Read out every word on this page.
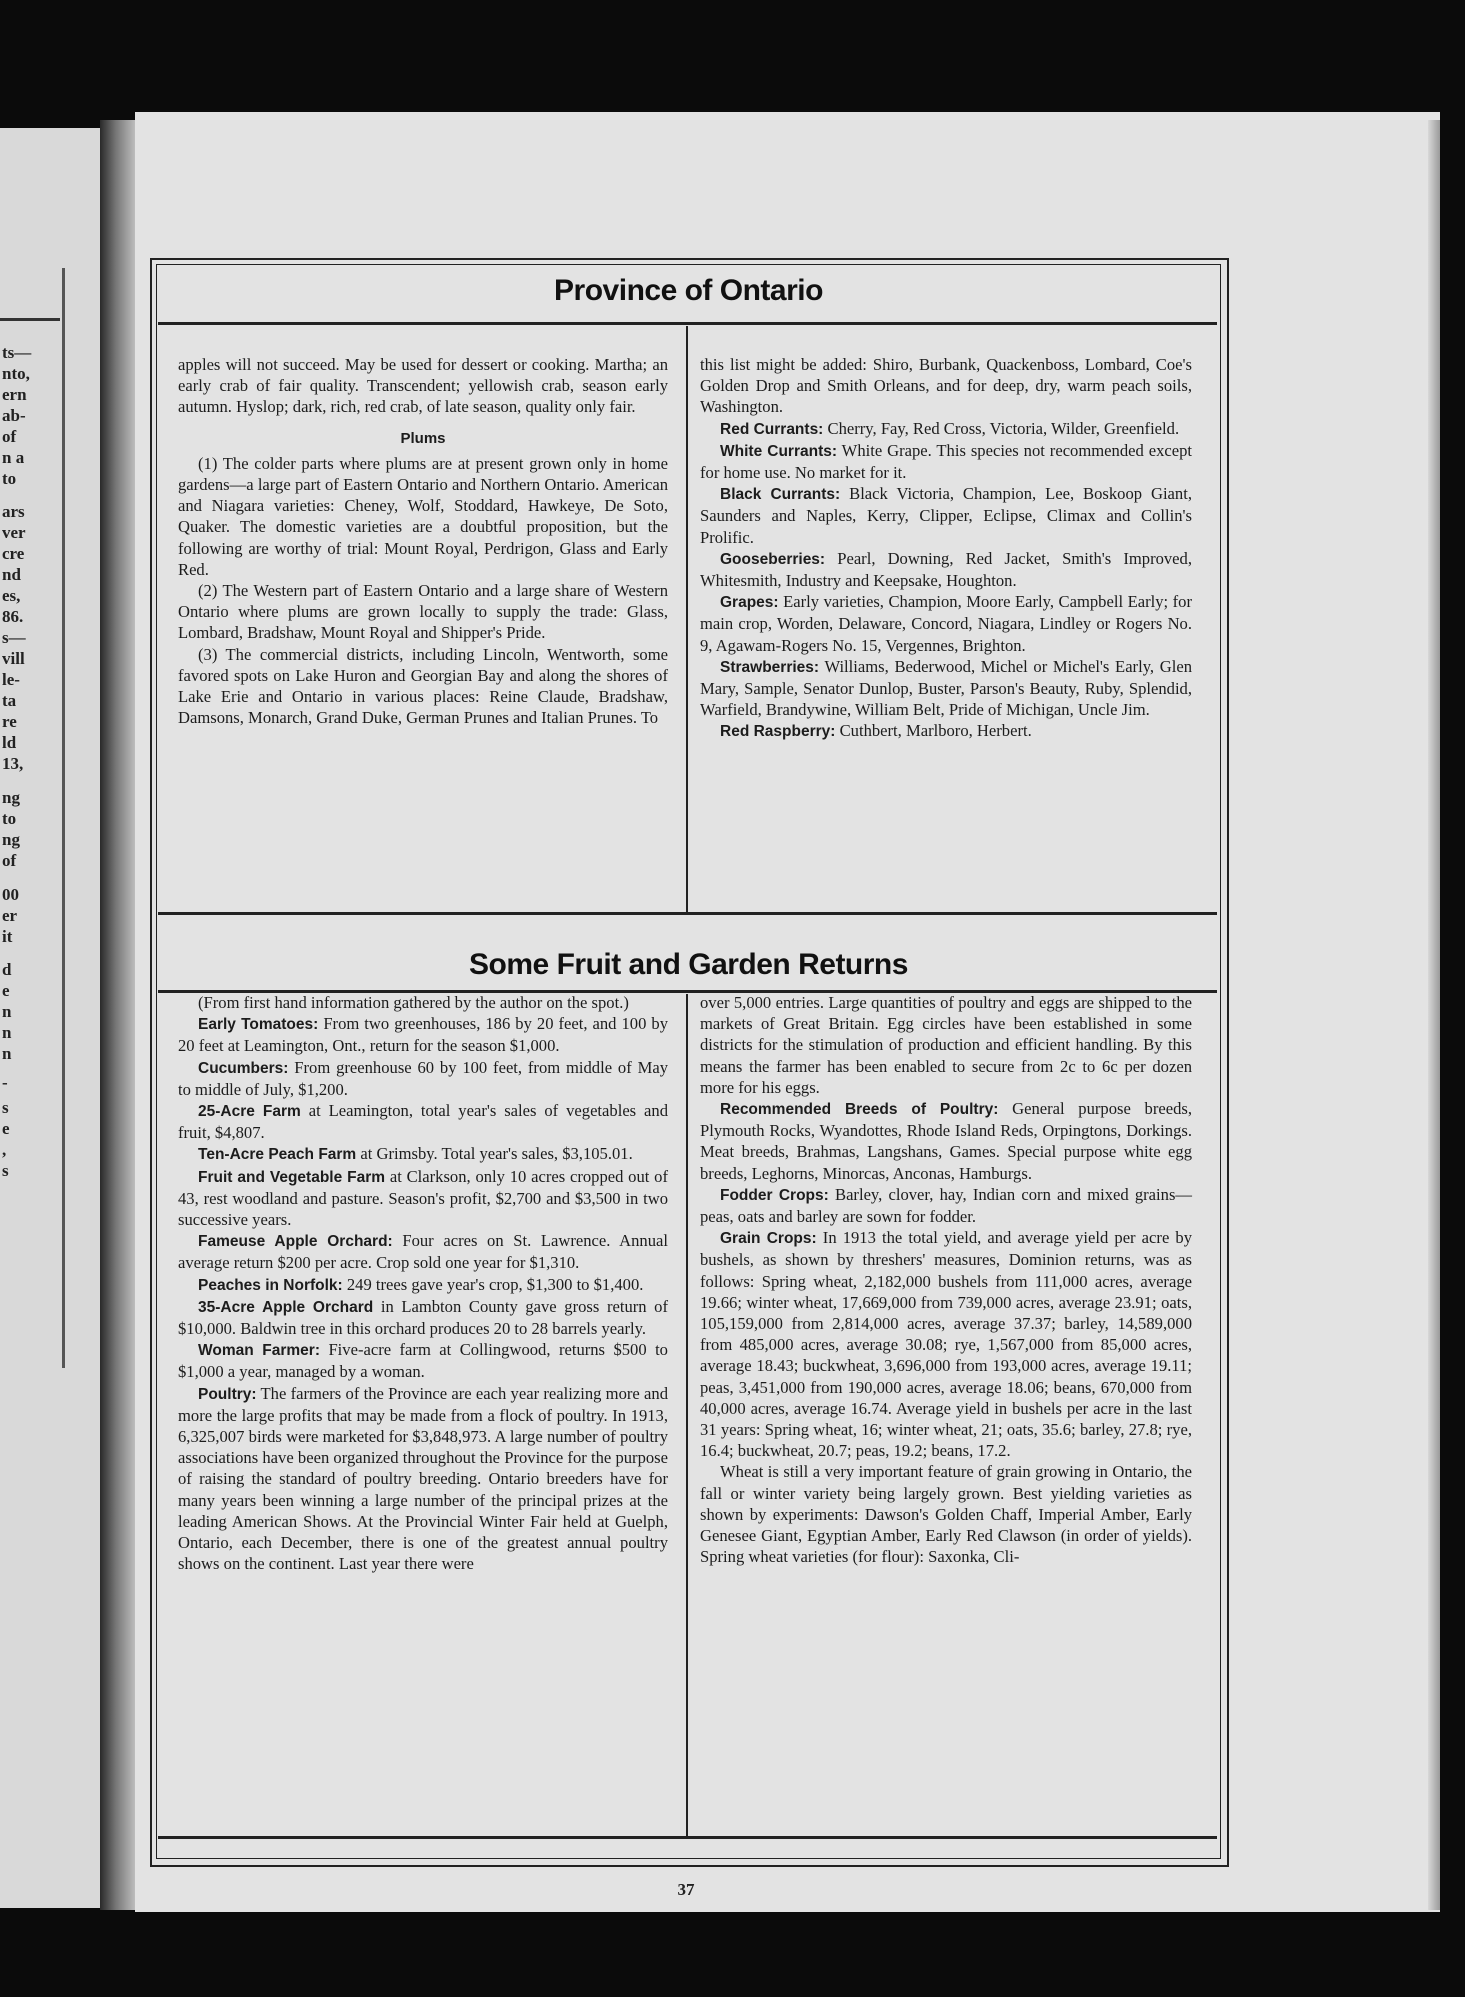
ts—
nto,
ern
ab-
of
n a
to
ars
ver
cre
nd
es,
86.
s—
vill
le-
ta
re
ld
13,
ng
to
ng
of
00
er
it
d
e
n
n
n
-
s
e
,
s
Province of Ontario

apples will not succeed. May be used for dessert or cooking. Martha; an early crab of fair quality. Transcendent; yellowish crab, season early autumn. Hyslop; dark, rich, red crab, of late season, quality only fair.

Plums

(1) The colder parts where plums are at present grown only in home gardens—a large part of Eastern Ontario and Northern Ontario. American and Niagara varieties: Cheney, Wolf, Stoddard, Hawkeye, De Soto, Quaker. The domestic varieties are a doubtful proposition, but the following are worthy of trial: Mount Royal, Perdrigon, Glass and Early Red.

(2) The Western part of Eastern Ontario and a large share of Western Ontario where plums are grown locally to supply the trade: Glass, Lombard, Bradshaw, Mount Royal and Shipper's Pride.

(3) The commercial districts, including Lincoln, Wentworth, some favored spots on Lake Huron and Georgian Bay and along the shores of Lake Erie and Ontario in various places: Reine Claude, Bradshaw, Damsons, Monarch, Grand Duke, German Prunes and Italian Prunes. To

this list might be added: Shiro, Burbank, Quackenboss, Lombard, Coe's Golden Drop and Smith Orleans, and for deep, dry, warm peach soils, Washington.

Red Currants: Cherry, Fay, Red Cross, Victoria, Wilder, Greenfield.

White Currants: White Grape. This species not recommended except for home use. No market for it.

Black Currants: Black Victoria, Champion, Lee, Boskoop Giant, Saunders and Naples, Kerry, Clipper, Eclipse, Climax and Collin's Prolific.

Gooseberries: Pearl, Downing, Red Jacket, Smith's Improved, Whitesmith, Industry and Keepsake, Houghton.

Grapes: Early varieties, Champion, Moore Early, Campbell Early; for main crop, Worden, Delaware, Concord, Niagara, Lindley or Rogers No. 9, Agawam-Rogers No. 15, Vergennes, Brighton.

Strawberries: Williams, Bederwood, Michel or Michel's Early, Glen Mary, Sample, Senator Dunlop, Buster, Parson's Beauty, Ruby, Splendid, Warfield, Brandywine, William Belt, Pride of Michigan, Uncle Jim.

Red Raspberry: Cuthbert, Marlboro, Herbert.

Some Fruit and Garden Returns

(From first hand information gathered by the author on the spot.)

Early Tomatoes: From two greenhouses, 186 by 20 feet, and 100 by 20 feet at Leamington, Ont., return for the season $1,000.

Cucumbers: From greenhouse 60 by 100 feet, from middle of May to middle of July, $1,200.

25-Acre Farm at Leamington, total year's sales of vegetables and fruit, $4,807.

Ten-Acre Peach Farm at Grimsby. Total year's sales, $3,105.01.

Fruit and Vegetable Farm at Clarkson, only 10 acres cropped out of 43, rest woodland and pasture. Season's profit, $2,700 and $3,500 in two successive years.

Fameuse Apple Orchard: Four acres on St. Lawrence. Annual average return $200 per acre. Crop sold one year for $1,310.

Peaches in Norfolk: 249 trees gave year's crop, $1,300 to $1,400.

35-Acre Apple Orchard in Lambton County gave gross return of $10,000. Baldwin tree in this orchard produces 20 to 28 barrels yearly.

Woman Farmer: Five-acre farm at Collingwood, returns $500 to $1,000 a year, managed by a woman.

Poultry: The farmers of the Province are each year realizing more and more the large profits that may be made from a flock of poultry. In 1913, 6,325,007 birds were marketed for $3,848,973. A large number of poultry associations have been organized throughout the Province for the purpose of raising the standard of poultry breeding. Ontario breeders have for many years been winning a large number of the principal prizes at the leading American Shows. At the Provincial Winter Fair held at Guelph, Ontario, each December, there is one of the greatest annual poultry shows on the continent. Last year there were

over 5,000 entries. Large quantities of poultry and eggs are shipped to the markets of Great Britain. Egg circles have been established in some districts for the stimulation of production and efficient handling. By this means the farmer has been enabled to secure from 2c to 6c per dozen more for his eggs.

Recommended Breeds of Poultry: General purpose breeds, Plymouth Rocks, Wyandottes, Rhode Island Reds, Orpingtons, Dorkings. Meat breeds, Brahmas, Langshans, Games. Special purpose white egg breeds, Leghorns, Minorcas, Anconas, Hamburgs.

Fodder Crops: Barley, clover, hay, Indian corn and mixed grains—peas, oats and barley are sown for fodder.

Grain Crops: In 1913 the total yield, and average yield per acre by bushels, as shown by threshers' measures, Dominion returns, was as follows: Spring wheat, 2,182,000 bushels from 111,000 acres, average 19.66; winter wheat, 17,669,000 from 739,000 acres, average 23.91; oats, 105,159,000 from 2,814,000 acres, average 37.37; barley, 14,589,000 from 485,000 acres, average 30.08; rye, 1,567,000 from 85,000 acres, average 18.43; buckwheat, 3,696,000 from 193,000 acres, average 19.11; peas, 3,451,000 from 190,000 acres, average 18.06; beans, 670,000 from 40,000 acres, average 16.74. Average yield in bushels per acre in the last 31 years: Spring wheat, 16; winter wheat, 21; oats, 35.6; barley, 27.8; rye, 16.4; buckwheat, 20.7; peas, 19.2; beans, 17.2.

Wheat is still a very important feature of grain growing in Ontario, the fall or winter variety being largely grown. Best yielding varieties as shown by experiments: Dawson's Golden Chaff, Imperial Amber, Early Genesee Giant, Egyptian Amber, Early Red Clawson (in order of yields). Spring wheat varieties (for flour): Saxonka, Cli-

37
